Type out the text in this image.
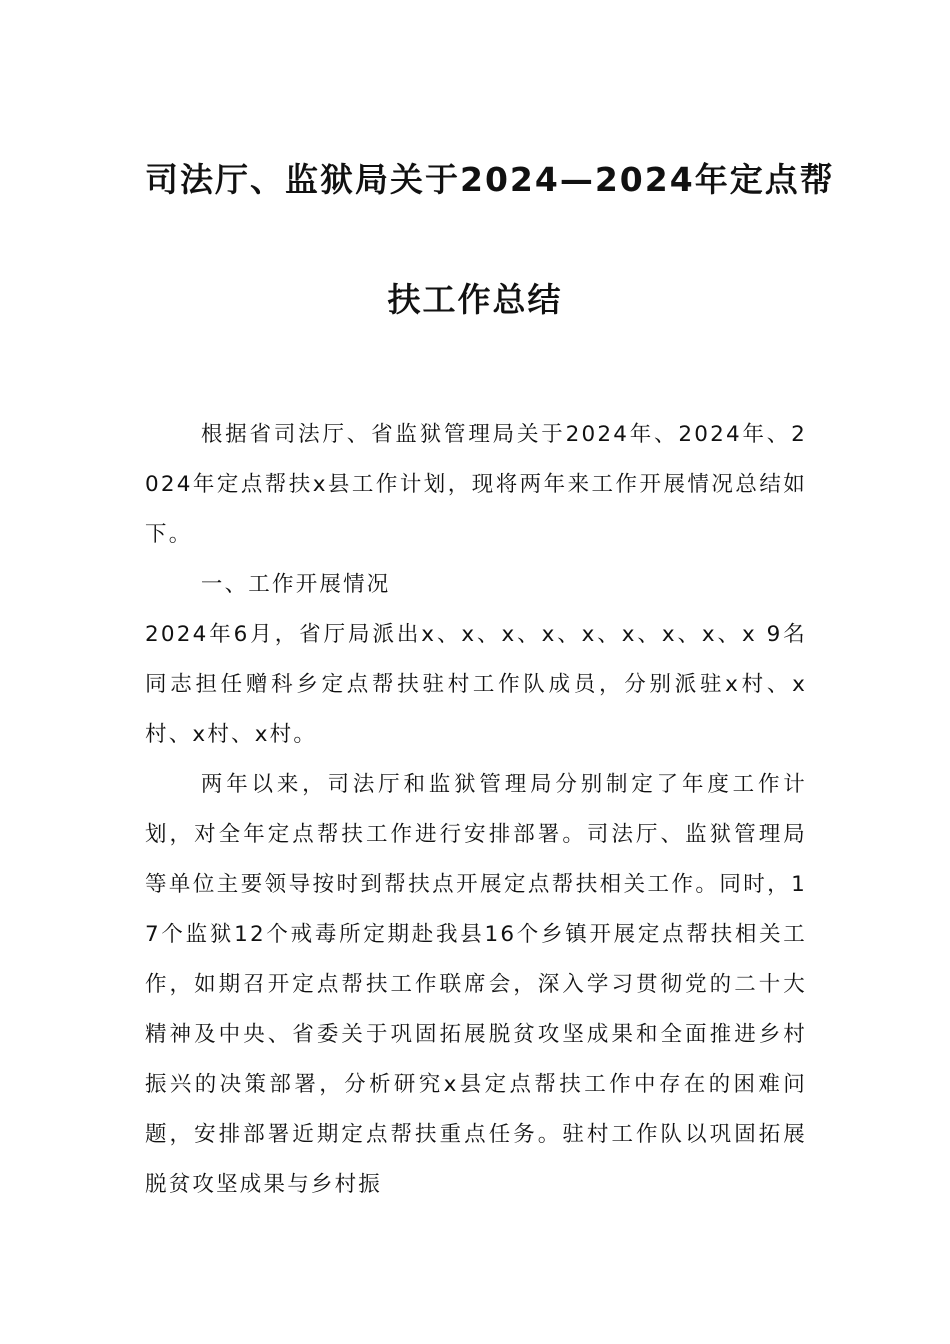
司法厅、监狱局关于2024—2024年定点帮
扶工作总结

根据省司法厅、省监狱管理局关于2024年、2024年、2024年定点帮扶x县工作计划，现将两年来工作开展情况总结如下。

一、工作开展情况

2024年6月，省厅局派出x、x、x、x、x、x、x、x、x 9名同志担任赠科乡定点帮扶驻村工作队成员，分别派驻x村、x村、x村、x村。

两年以来，司法厅和监狱管理局分别制定了年度工作计划，对全年定点帮扶工作进行安排部署。司法厅、监狱管理局等单位主要领导按时到帮扶点开展定点帮扶相关工作。同时，17个监狱12个戒毒所定期赴我县16个乡镇开展定点帮扶相关工作，如期召开定点帮扶工作联席会，深入学习贯彻党的二十大精神及中央、省委关于巩固拓展脱贫攻坚成果和全面推进乡村振兴的决策部署，分析研究x县定点帮扶工作中存在的困难问题，安排部署近期定点帮扶重点任务。驻村工作队以巩固拓展脱贫攻坚成果与乡村振
